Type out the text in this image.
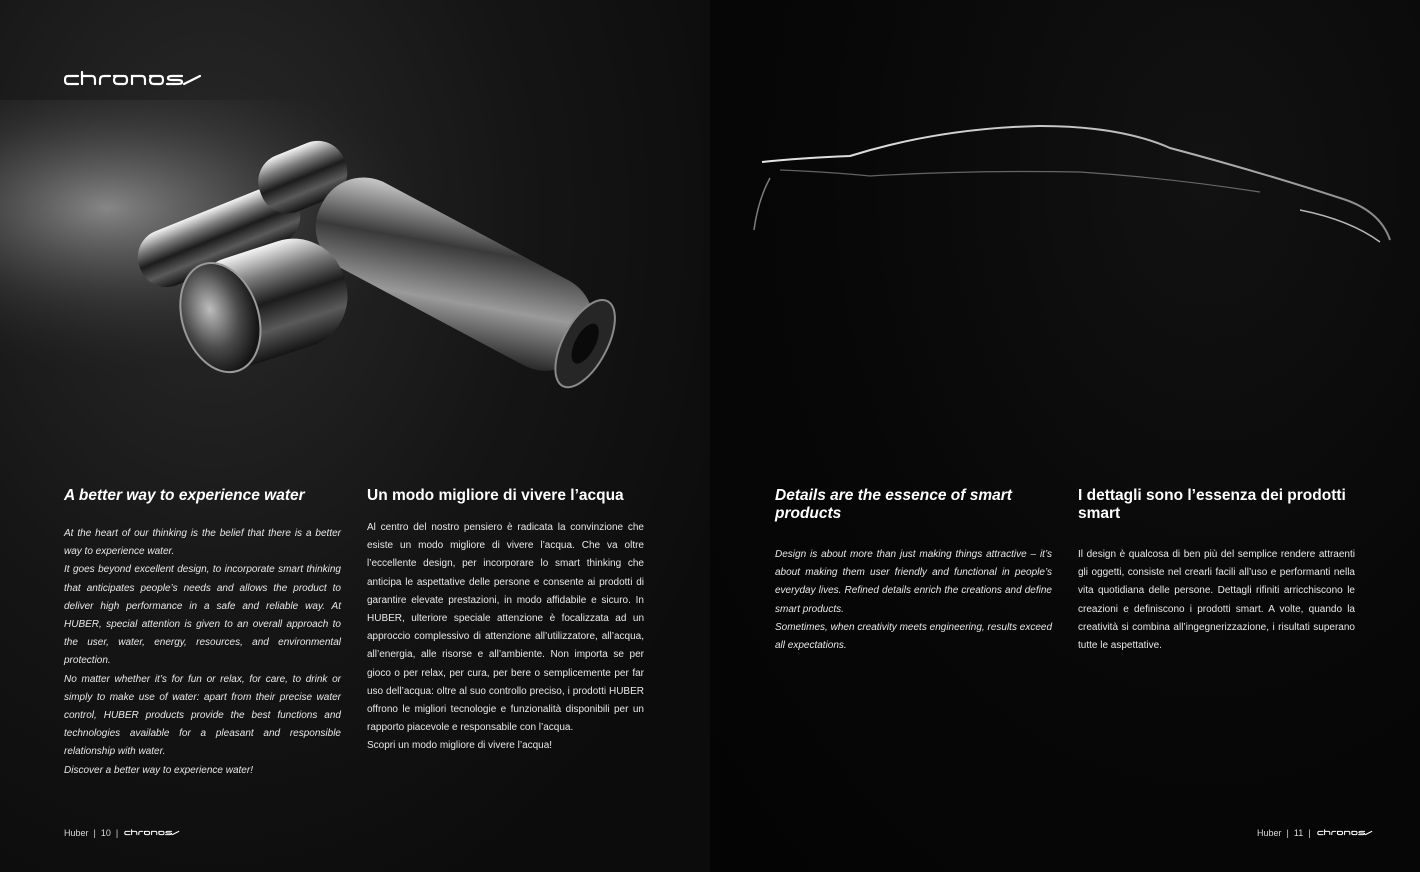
A better way to experience water
At the heart of our thinking is the belief that there is a better way to experience water.
It goes beyond excellent design, to incorporate smart thinking that anticipates people’s needs and allows the product to deliver high performance in a safe and reliable way. At HUBER, special attention is given to an overall approach to the user, water, energy, resources, and environmental protection.
No matter whether it’s for fun or relax, for care, to drink or simply to make use of water: apart from their precise water control, HUBER products provide the best functions and technologies available for a pleasant and responsible relationship with water.
Discover a better way to experience water!
Un modo migliore di vivere l’acqua
Al centro del nostro pensiero è radicata la convinzione che esiste un modo migliore di vivere l’acqua. Che va oltre l’eccellente design, per incorporare lo smart thinking che anticipa le aspettative delle persone e consente ai prodotti di garantire elevate prestazioni, in modo affidabile e sicuro. In HUBER, ulteriore speciale attenzione è focalizzata ad un approccio complessivo di attenzione all’utilizzatore, all’acqua, all’energia, alle risorse e all’ambiente. Non importa se per gioco o per relax, per cura, per bere o semplicemente per far uso dell’acqua: oltre al suo controllo preciso, i prodotti HUBER offrono le migliori tecnologie e funzionalità disponibili per un rapporto piacevole e responsabile con l’acqua.
Scopri un modo migliore di vivere l’acqua!
Huber | 10 |
Details are the essence of smart products
Design is about more than just making things attractive – it’s about making them user friendly and functional in people’s everyday lives. Refined details enrich the creations and define smart products.
Sometimes, when creativity meets engineering, results exceed all expectations.
I dettagli sono l’essenza dei prodotti smart
Il design è qualcosa di ben più del semplice rendere attraenti gli oggetti, consiste nel crearli facili all’uso e performanti nella vita quotidiana delle persone. Dettagli rifiniti arricchiscono le creazioni e definiscono i prodotti smart. A volte, quando la creatività si combina all’ingegnerizzazione, i risultati superano tutte le aspettative.
Huber | 11 |
